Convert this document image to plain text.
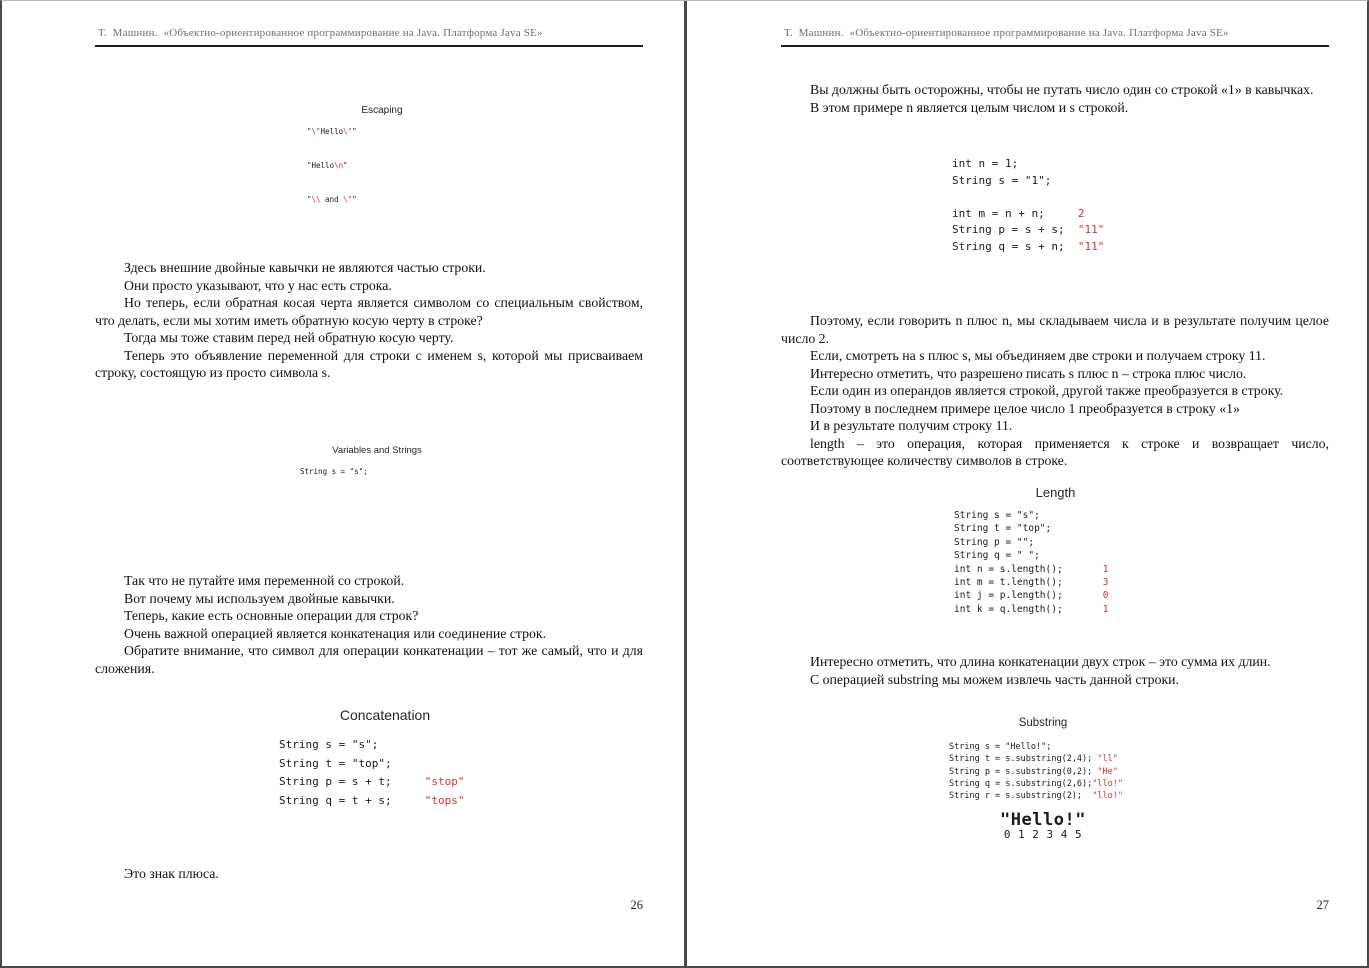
Т.  Машнин.  «Объектно-ориентированное программирование на Java. Платформа Java SE»
Escaping
"\"Hello\""
"Hello\n"
"\\ and \""

Здесь внешние двойные кавычки не являются частью строки.

Они просто указывают, что у нас есть строка.

Но теперь, если обратная косая черта является символом со специальным свойством, что делать, если мы хотим иметь обратную косую черту в строке?

Тогда мы тоже ставим перед ней обратную косую черту.

Теперь это объявление переменной для строки с именем s, которой мы присваиваем строку, состоящую из просто символа s.

Variables and Strings
String s = "s";

Так что не путайте имя переменной со строкой.

Вот почему мы используем двойные кавычки.

Теперь, какие есть основные операции для строк?

Очень важной операцией является конкатенация или соединение строк.

Обратите внимание, что символ для операции конкатенации – тот же самый, что и для сложения.

Concatenation
String s = "s";
String t = "top";
String p = s + t;     "stop"
String q = t + s;     "tops"

Это знак плюса.

26
Т.  Машнин.  «Объектно-ориентированное программирование на Java. Платформа Java SE»

Вы должны быть осторожны, чтобы не путать число один со строкой «1» в кавычках.

В этом примере n является целым числом и s строкой.

int n = 1;
String s = "1";

int m = n + n;     2
String p = s + s;  "11"
String q = s + n;  "11"

Поэтому, если говорить n плюс n, мы складываем числа и в результате получим целое число 2.

Если, смотреть на s плюс s, мы объединяем две строки и получаем строку 11.

Интересно отметить, что разрешено писать s плюс n – строка плюс число.

Если один из операндов является строкой, другой также преобразуется в строку.

Поэтому в последнем примере целое число 1 преобразуется в строку «1»

И в результате получим строку 11.

length – это операция, которая применяется к строке и возвращает число, соответствующее количеству символов в строке.

Length
String s = "s";
String t = "top";
String p = "";
String q = " ";
int n = s.length();       1
int m = t.length();       3
int j = p.length();       0
int k = q.length();       1

Интересно отметить, что длина конкатенации двух строк – это сумма их длин.

С операцией substring мы можем извлечь часть данной строки.

Substring
String s = "Hello!";
String t = s.substring(2,4); "ll"
String p = s.substring(0,2); "He"
String q = s.substring(2,6);"llo!"
String r = s.substring(2);  "llo!"
"Hello!"
0 1 2 3 4 5
27
